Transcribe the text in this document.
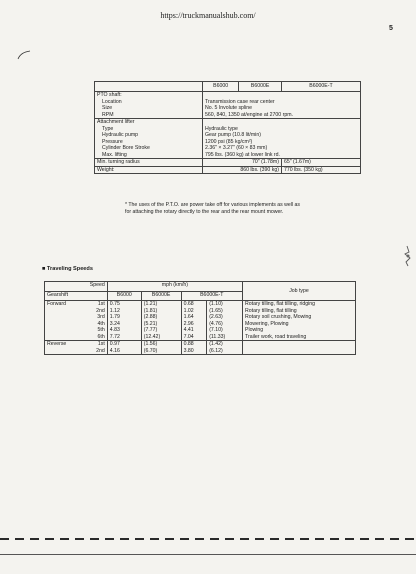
https://truckmanualshub.com/
5
	B6000	B6000E	B6000E-T
PTO shaft:			
Location	Transmission case rear center		
Size	No. 5 Involute spline		
RPM	560, 840, 1350 at/engine at 2700 rpm.		
Attachment lifter			
Type	Hydraulic type		
Hydraulic pump	Gear pump (10.8 lit/min)		
Pressure	1200 psi (85 kg/cm²)		
Cylinder Bore Stroke	2.36" × 3.27" (60 × 83 mm)		
Max. lifting	795 lbs. (360 kg) at lower link rd.		
Min. turning radius	70" (1.78m)		65" (1.67m)
Weight:	860 lbs. (390 kg)		770 lbs. (350 kg)
* The uses of the P.T.O. are power take off for various implements as well as for attaching the rotary directly to the rear and the rear mount mower.
■ Traveling Speeds
Speed		mph (km/h)				Job type
Gearshift		B6000	B6000E	B6000E-T		
Forward	1st	0.75	(1.21)	0.68	(1.10)	Rotary tilling, flat tilling, ridging
	2nd	1.12	(1.81)	1.02	(1.65)	Rotary tilling, flat tilling
	3rd	1.79	(2.88)	1.64	(2.63)	Rotary soil crushing, Mowing
	4th	3.24	(5.21)	2.96	(4.76)	Mowering, Plowing
	5th	4.83	(7.77)	4.41	(7.10)	Plowing
	6th	7.72	(12.42)	7.04	(11.33)	Trailer work, road traveling
Reverse	1st	0.97	(1.56)	0.88	(1.42)	
	2nd	4.16	(6.70)	3.80	(6.12)	
